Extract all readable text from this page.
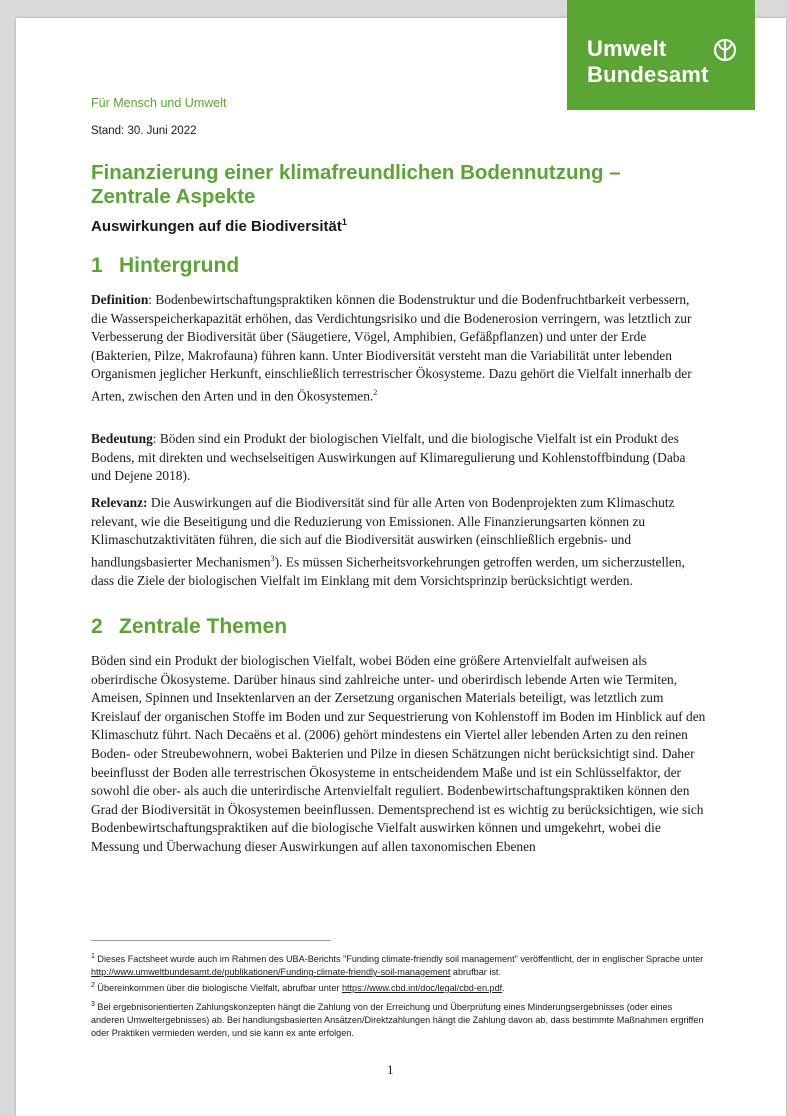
Umwelt
Bundesamt
Für Mensch und Umwelt
Stand: 30. Juni 2022
Finanzierung einer klimafreundlichen Bodennutzung – Zentrale Aspekte
Auswirkungen auf die Biodiversität$^1$
1 Hintergrund

Definition: Bodenbewirtschaftungspraktiken können die Bodenstruktur und die Bodenfruchtbarkeit verbessern, die Wasserspeicherkapazität erhöhen, das Verdichtungsrisiko und die Bodenerosion verringern, was letztlich zur Verbesserung der Biodiversität über (Säugetiere, Vögel, Amphibien, Gefäßpflanzen) und unter der Erde (Bakterien, Pilze, Makrofauna) führen kann. Unter Biodiversität versteht man die Variabilität unter lebenden Organismen jeglicher Herkunft, einschließlich terrestrischer Ökosysteme. Dazu gehört die Vielfalt innerhalb der Arten, zwischen den Arten und in den Ökosystemen.$^2$

Bedeutung: Böden sind ein Produkt der biologischen Vielfalt, und die biologische Vielfalt ist ein Produkt des Bodens, mit direkten und wechselseitigen Auswirkungen auf Klimaregulierung und Kohlenstoffbindung (Daba und Dejene 2018).

Relevanz: Die Auswirkungen auf die Biodiversität sind für alle Arten von Bodenprojekten zum Klimaschutz relevant, wie die Beseitigung und die Reduzierung von Emissionen. Alle Finanzierungsarten können zu Klimaschutzaktivitäten führen, die sich auf die Biodiversität auswirken (einschließlich ergebnis- und handlungsbasierter Mechanismen$^3$). Es müssen Sicherheitsvorkehrungen getroffen werden, um sicherzustellen, dass die Ziele der biologischen Vielfalt im Einklang mit dem Vorsichtsprinzip berücksichtigt werden.

2 Zentrale Themen

Böden sind ein Produkt der biologischen Vielfalt, wobei Böden eine größere Artenvielfalt aufweisen als oberirdische Ökosysteme. Darüber hinaus sind zahlreiche unter- und oberirdisch lebende Arten wie Termiten, Ameisen, Spinnen und Insektenlarven an der Zersetzung organischen Materials beteiligt, was letztlich zum Kreislauf der organischen Stoffe im Boden und zur Sequestrierung von Kohlenstoff im Boden im Hinblick auf den Klimaschutz führt. Nach Decaëns et al. (2006) gehört mindestens ein Viertel aller lebenden Arten zu den reinen Boden- oder Streubewohnern, wobei Bakterien und Pilze in diesen Schätzungen nicht berücksichtigt sind. Daher beeinflusst der Boden alle terrestrischen Ökosysteme in entscheidendem Maße und ist ein Schlüsselfaktor, der sowohl die ober- als auch die unterirdische Artenvielfalt reguliert. Bodenbewirtschaftungspraktiken können den Grad der Biodiversität in Ökosystemen beeinflussen. Dementsprechend ist es wichtig zu berücksichtigen, wie sich Bodenbewirtschaftungspraktiken auf die biologische Vielfalt auswirken können und umgekehrt, wobei die Messung und Überwachung dieser Auswirkungen auf allen taxonomischen Ebenen

$^1$ Dieses Factsheet wurde auch im Rahmen des UBA-Berichts "Funding climate-friendly soil management" veröffentlicht, der in englischer Sprache unter http://www.umweltbundesamt.de/publikationen/Funding-climate-friendly-soil-management abrufbar ist.

$^2$ Übereinkommen über die biologische Vielfalt, abrufbar unter https://www.cbd.int/doc/legal/cbd-en.pdf.

$^3$ Bei ergebnisorientierten Zahlungskonzepten hängt die Zahlung von der Erreichung und Überprüfung eines Minderungsergebnisses (oder eines anderen Umweltergebnisses) ab. Bei handlungsbasierten Ansätzen/Direktzahlungen hängt die Zahlung davon ab, dass bestimmte Maßnahmen ergriffen oder Praktiken vermieden werden, und sie kann ex ante erfolgen.

1
